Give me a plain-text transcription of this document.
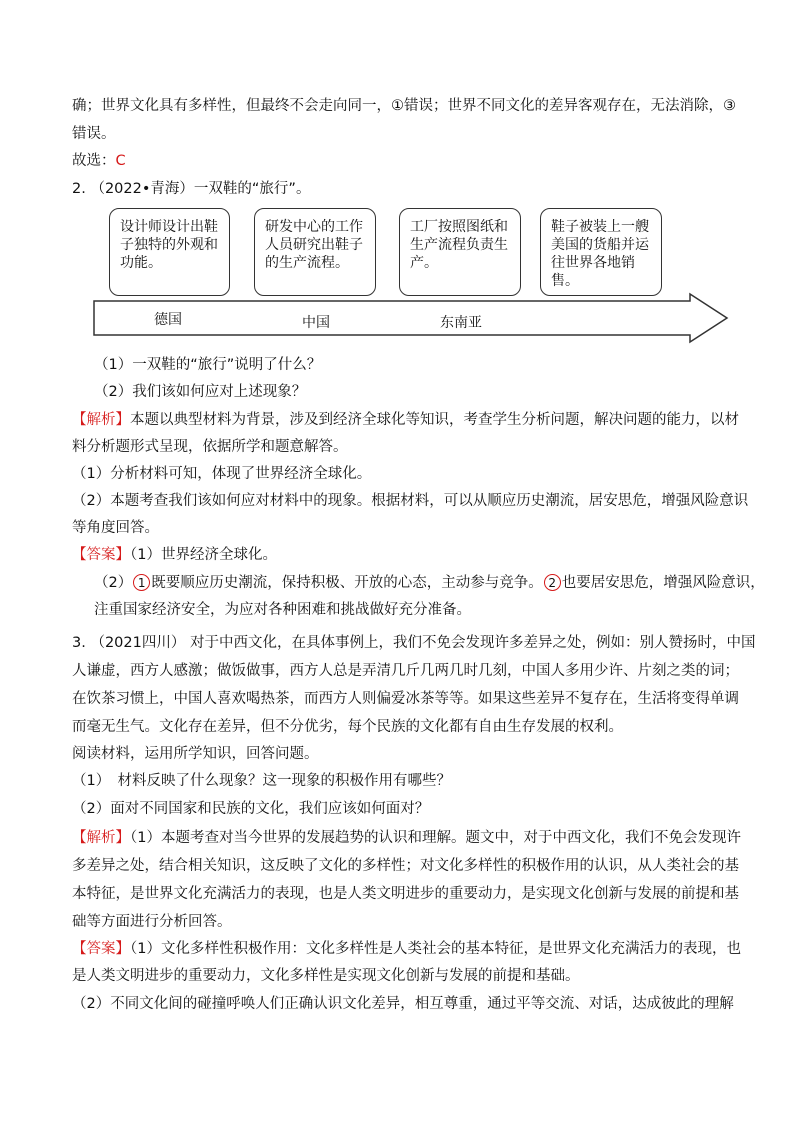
确；世界文化具有多样性，但最终不会走向同一，①错误；世界不同文化的差异客观存在，无法消除，③
错误。
故选：C
2. （2022•青海）一双鞋的“旅行”。
设计师设计出鞋子独特的外观和功能。
研发中心的工作人员研究出鞋子的生产流程。
工厂按照图纸和生产流程负责生产。
鞋子被装上一艘美国的货船并运往世界各地销售。
德国	中国	东南亚
（1）一双鞋的“旅行”说明了什么？
（2）我们该如何应对上述现象？
【解析】本题以典型材料为背景，涉及到经济全球化等知识，考查学生分析问题，解决问题的能力，以材
料分析题形式呈现，依据所学和题意解答。
（1）分析材料可知，体现了世界经济全球化。
（2）本题考查我们该如何应对材料中的现象。根据材料，可以从顺应历史潮流，居安思危，增强风险意识
等角度回答。
【答案】（1）世界经济全球化。
（2） 1 既要顺应历史潮流，保持积极、开放的心态，主动参与竞争。 2 也要居安思危，增强风险意识，
注重国家经济安全，为应对各种困难和挑战做好充分准备。
3. （2021四川） 对于中西文化，在具体事例上，我们不免会发现许多差异之处，例如：别人赞扬时，中国
人谦虚，西方人感激；做饭做事，西方人总是弄清几斤几两几时几刻，中国人多用少许、片刻之类的词；
在饮茶习惯上，中国人喜欢喝热茶，而西方人则偏爱冰茶等等。如果这些差异不复存在，生活将变得单调
而毫无生气。文化存在差异，但不分优劣，每个民族的文化都有自由生存发展的权利。
阅读材料，运用所学知识，回答问题。
（1）　材料反映了什么现象？这一现象的积极作用有哪些？
（2）面对不同国家和民族的文化，我们应该如何面对？
【解析】（1）本题考查对当今世界的发展趋势的认识和理解。题文中，对于中西文化，我们不免会发现许
多差异之处，结合相关知识，这反映了文化的多样性；对文化多样性的积极作用的认识，从人类社会的基
本特征，是世界文化充满活力的表现，也是人类文明进步的重要动力，是实现文化创新与发展的前提和基
础等方面进行分析回答。
【答案】（1）文化多样性积极作用：文化多样性是人类社会的基本特征，是世界文化充满活力的表现，也
是人类文明进步的重要动力，文化多样性是实现文化创新与发展的前提和基础。
（2）不同文化间的碰撞呼唤人们正确认识文化差异，相互尊重，通过平等交流、对话，达成彼此的理解
